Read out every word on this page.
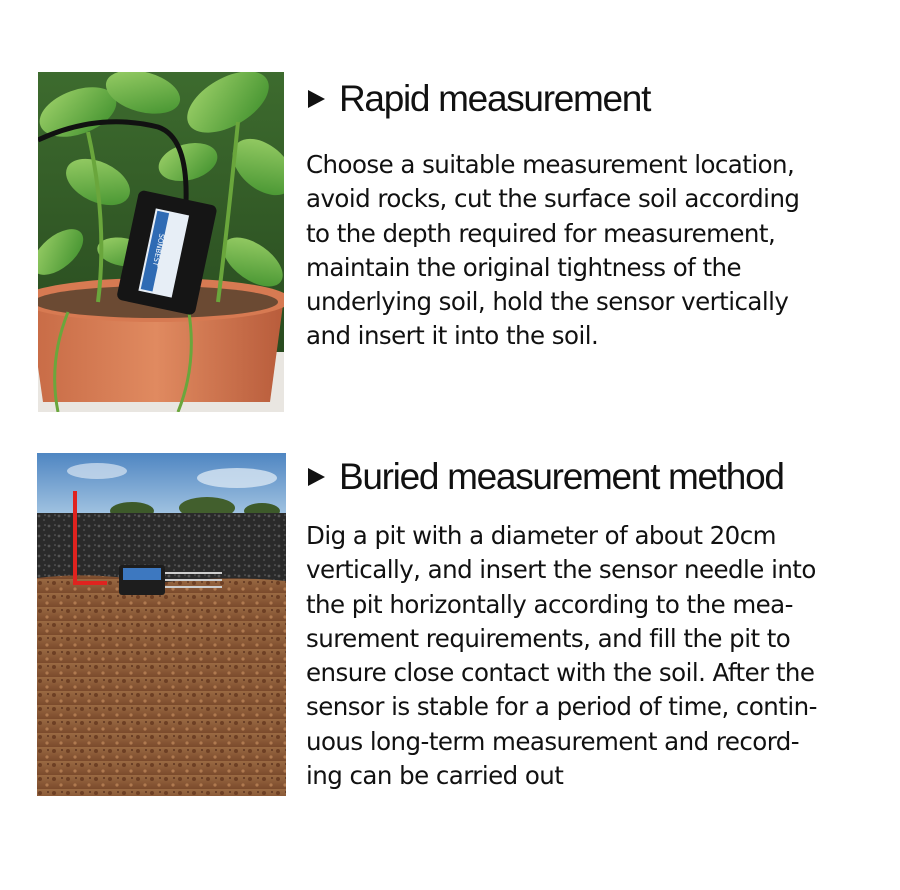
SONBEST
Rapid measurement

Choose a suitable measurement location,
avoid rocks, cut the surface soil according
to the depth required for measurement,
maintain the original tightness of the
underlying soil, hold the sensor vertically
and insert it into the soil.

Buried measurement method

Dig a pit with a diameter of about 20cm
vertically, and insert the sensor needle into
the pit horizontally according to the mea-
surement requirements, and fill the pit to
ensure close contact with the soil. After the
sensor is stable for a period of time, contin-
uous long-term measurement and record-
ing can be carried out
